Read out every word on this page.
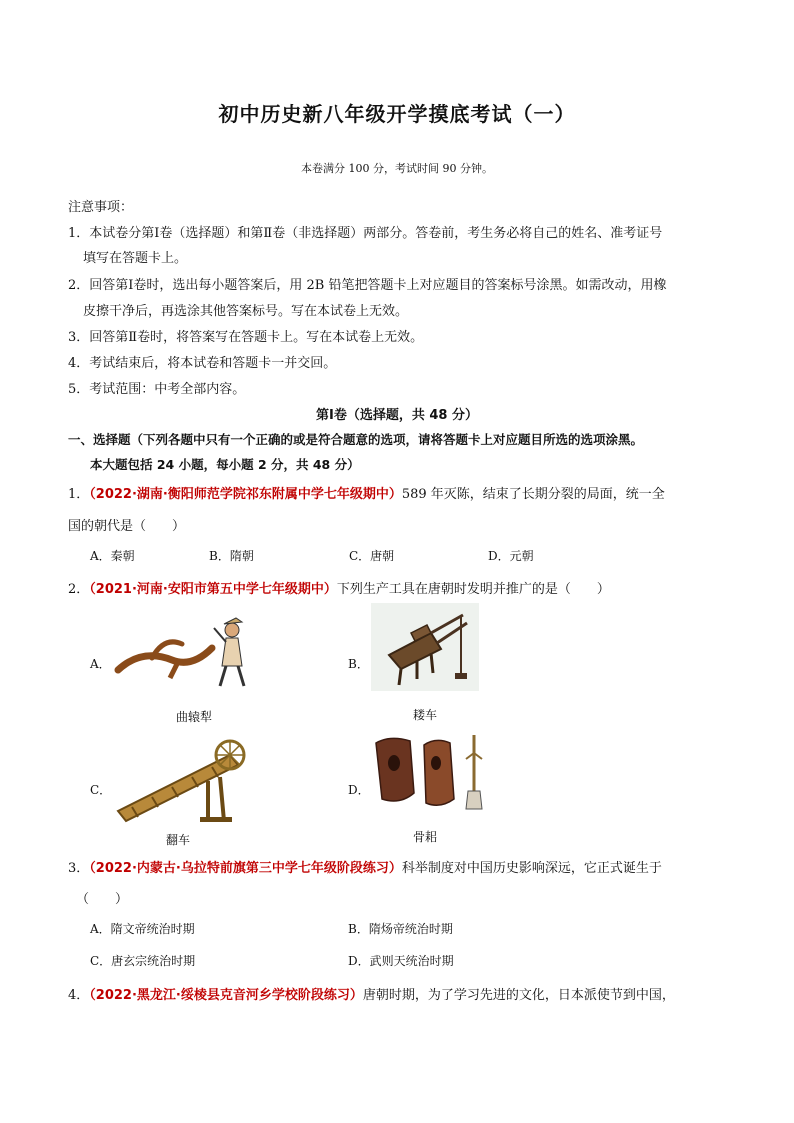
初中历史新八年级开学摸底考试（一）
本卷满分 100 分，考试时间 90 分钟。
注意事项：
1．本试卷分第Ⅰ卷（选择题）和第Ⅱ卷（非选择题）两部分。答卷前，考生务必将自己的姓名、准考证号
填写在答题卡上。
2．回答第Ⅰ卷时，选出每小题答案后，用 2B 铅笔把答题卡上对应题目的答案标号涂黑。如需改动，用橡
皮擦干净后，再选涂其他答案标号。写在本试卷上无效。
3．回答第Ⅱ卷时，将答案写在答题卡上。写在本试卷上无效。
4．考试结束后，将本试卷和答题卡一并交回。
5．考试范围：中考全部内容。
第Ⅰ卷（选择题，共 48 分）
一、选择题（下列各题中只有一个正确的或是符合题意的选项，请将答题卡上对应题目所选的选项涂黑。
本大题包括 24 小题，每小题 2 分，共 48 分）
1．（2022·湖南·衡阳师范学院祁东附属中学七年级期中）589 年灭陈，结束了长期分裂的局面，统一全
国的朝代是（　　）
A．秦朝	B．隋朝	C．唐朝	D．元朝
2．（2021·河南·安阳市第五中学七年级期中）下列生产工具在唐朝时发明并推广的是（　　）
A．
曲辕犁
B．
耧车
C．
翻车
D．
骨耜
3．（2022·内蒙古·乌拉特前旗第三中学七年级阶段练习）科举制度对中国历史影响深远，它正式诞生于
（　　）
A．隋文帝统治时期	B．隋炀帝统治时期
C．唐玄宗统治时期	D．武则天统治时期
4．（2022·黑龙江·绥棱县克音河乡学校阶段练习）唐朝时期，为了学习先进的文化，日本派使节到中国，
